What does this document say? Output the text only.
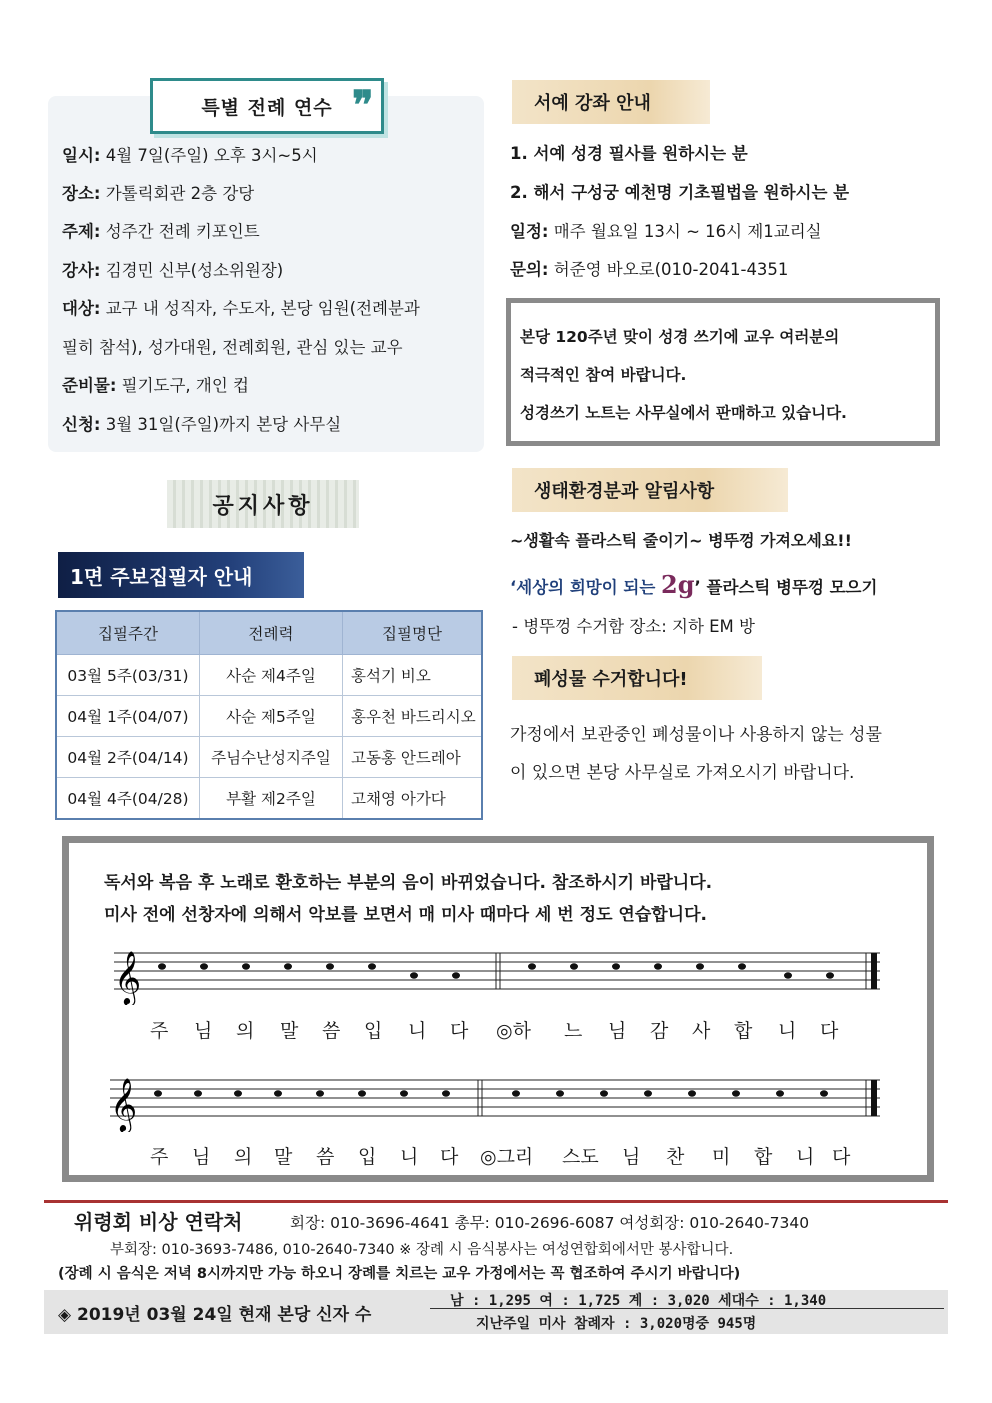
특별 전례 연수 ❞
일시: 4월 7일(주일) 오후 3시~5시
장소: 가톨릭회관 2층 강당
주제: 성주간 전례 키포인트
강사: 김경민 신부(성소위원장)
대상: 교구 내 성직자, 수도자, 본당 임원(전례분과
필히 참석), 성가대원, 전례회원, 관심 있는 교우
준비물: 필기도구, 개인 컵
신청: 3월 31일(주일)까지 본당 사무실
공지사항
1면 주보집필자 안내
집필주간	전례력	집필명단
03월 5주(03/31)	사순 제4주일	홍석기 비오
04월 1주(04/07)	사순 제5주일	홍우천 바드리시오
04월 2주(04/14)	주님수난성지주일	고동홍 안드레아
04월 4주(04/28)	부활 제2주일	고채영 아가다
서예 강좌 안내
1. 서예 성경 필사를 원하시는 분
2. 해서 구성궁 예천명 기초필법을 원하시는 분
일정: 매주 월요일 13시 ~ 16시 제1교리실
문의: 허준영 바오로(010-2041-4351
본당 120주년 맞이 성경 쓰기에 교우 여러분의
적극적인 참여 바랍니다.
성경쓰기 노트는 사무실에서 판매하고 있습니다.
생태환경분과 알림사항
~생활속 플라스틱 줄이기~ 병뚜껑 가져오세요!!
‘세상의 희망이 되는 2g’ 플라스틱 병뚜껑 모으기
- 병뚜껑 수거함 장소: 지하 EM 방
폐성물 수거합니다!
가정에서 보관중인 폐성물이나 사용하지 않는 성물
이 있으면 본당 사무실로 가져오시기 바랍니다.
독서와 복음 후 노래로 환호하는 부분의 음이 바뀌었습니다. 참조하시기 바랍니다.
미사 전에 선창자에 의해서 악보를 보면서 매 미사 때마다 세 번 정도 연습합니다.
𝄞
주 님 의 말 씀 입 니 다 ◎하 느 님 감 사 합 니 다
𝄞
주 님 의 말 씀 입 니 다 ◎그리 스도 님 찬 미 합 니 다
위령회 비상 연락처	회장: 010-3696-4641 총무: 010-2696-6087 여성회장: 010-2640-7340
부회장: 010-3693-7486, 010-2640-7340 ※ 장례 시 음식봉사는 여성연합회에서만 봉사합니다.
(장례 시 음식은 저녁 8시까지만 가능 하오니 장례를 치르는 교우 가정에서는 꼭 협조하여 주시기 바랍니다)
◈ 2019년 03월 24일 현재 본당 신자 수
남 : 1,295 여 : 1,725 계 : 3,020 세대수 : 1,340
지난주일 미사 참례자 : 3,020명중 945명
